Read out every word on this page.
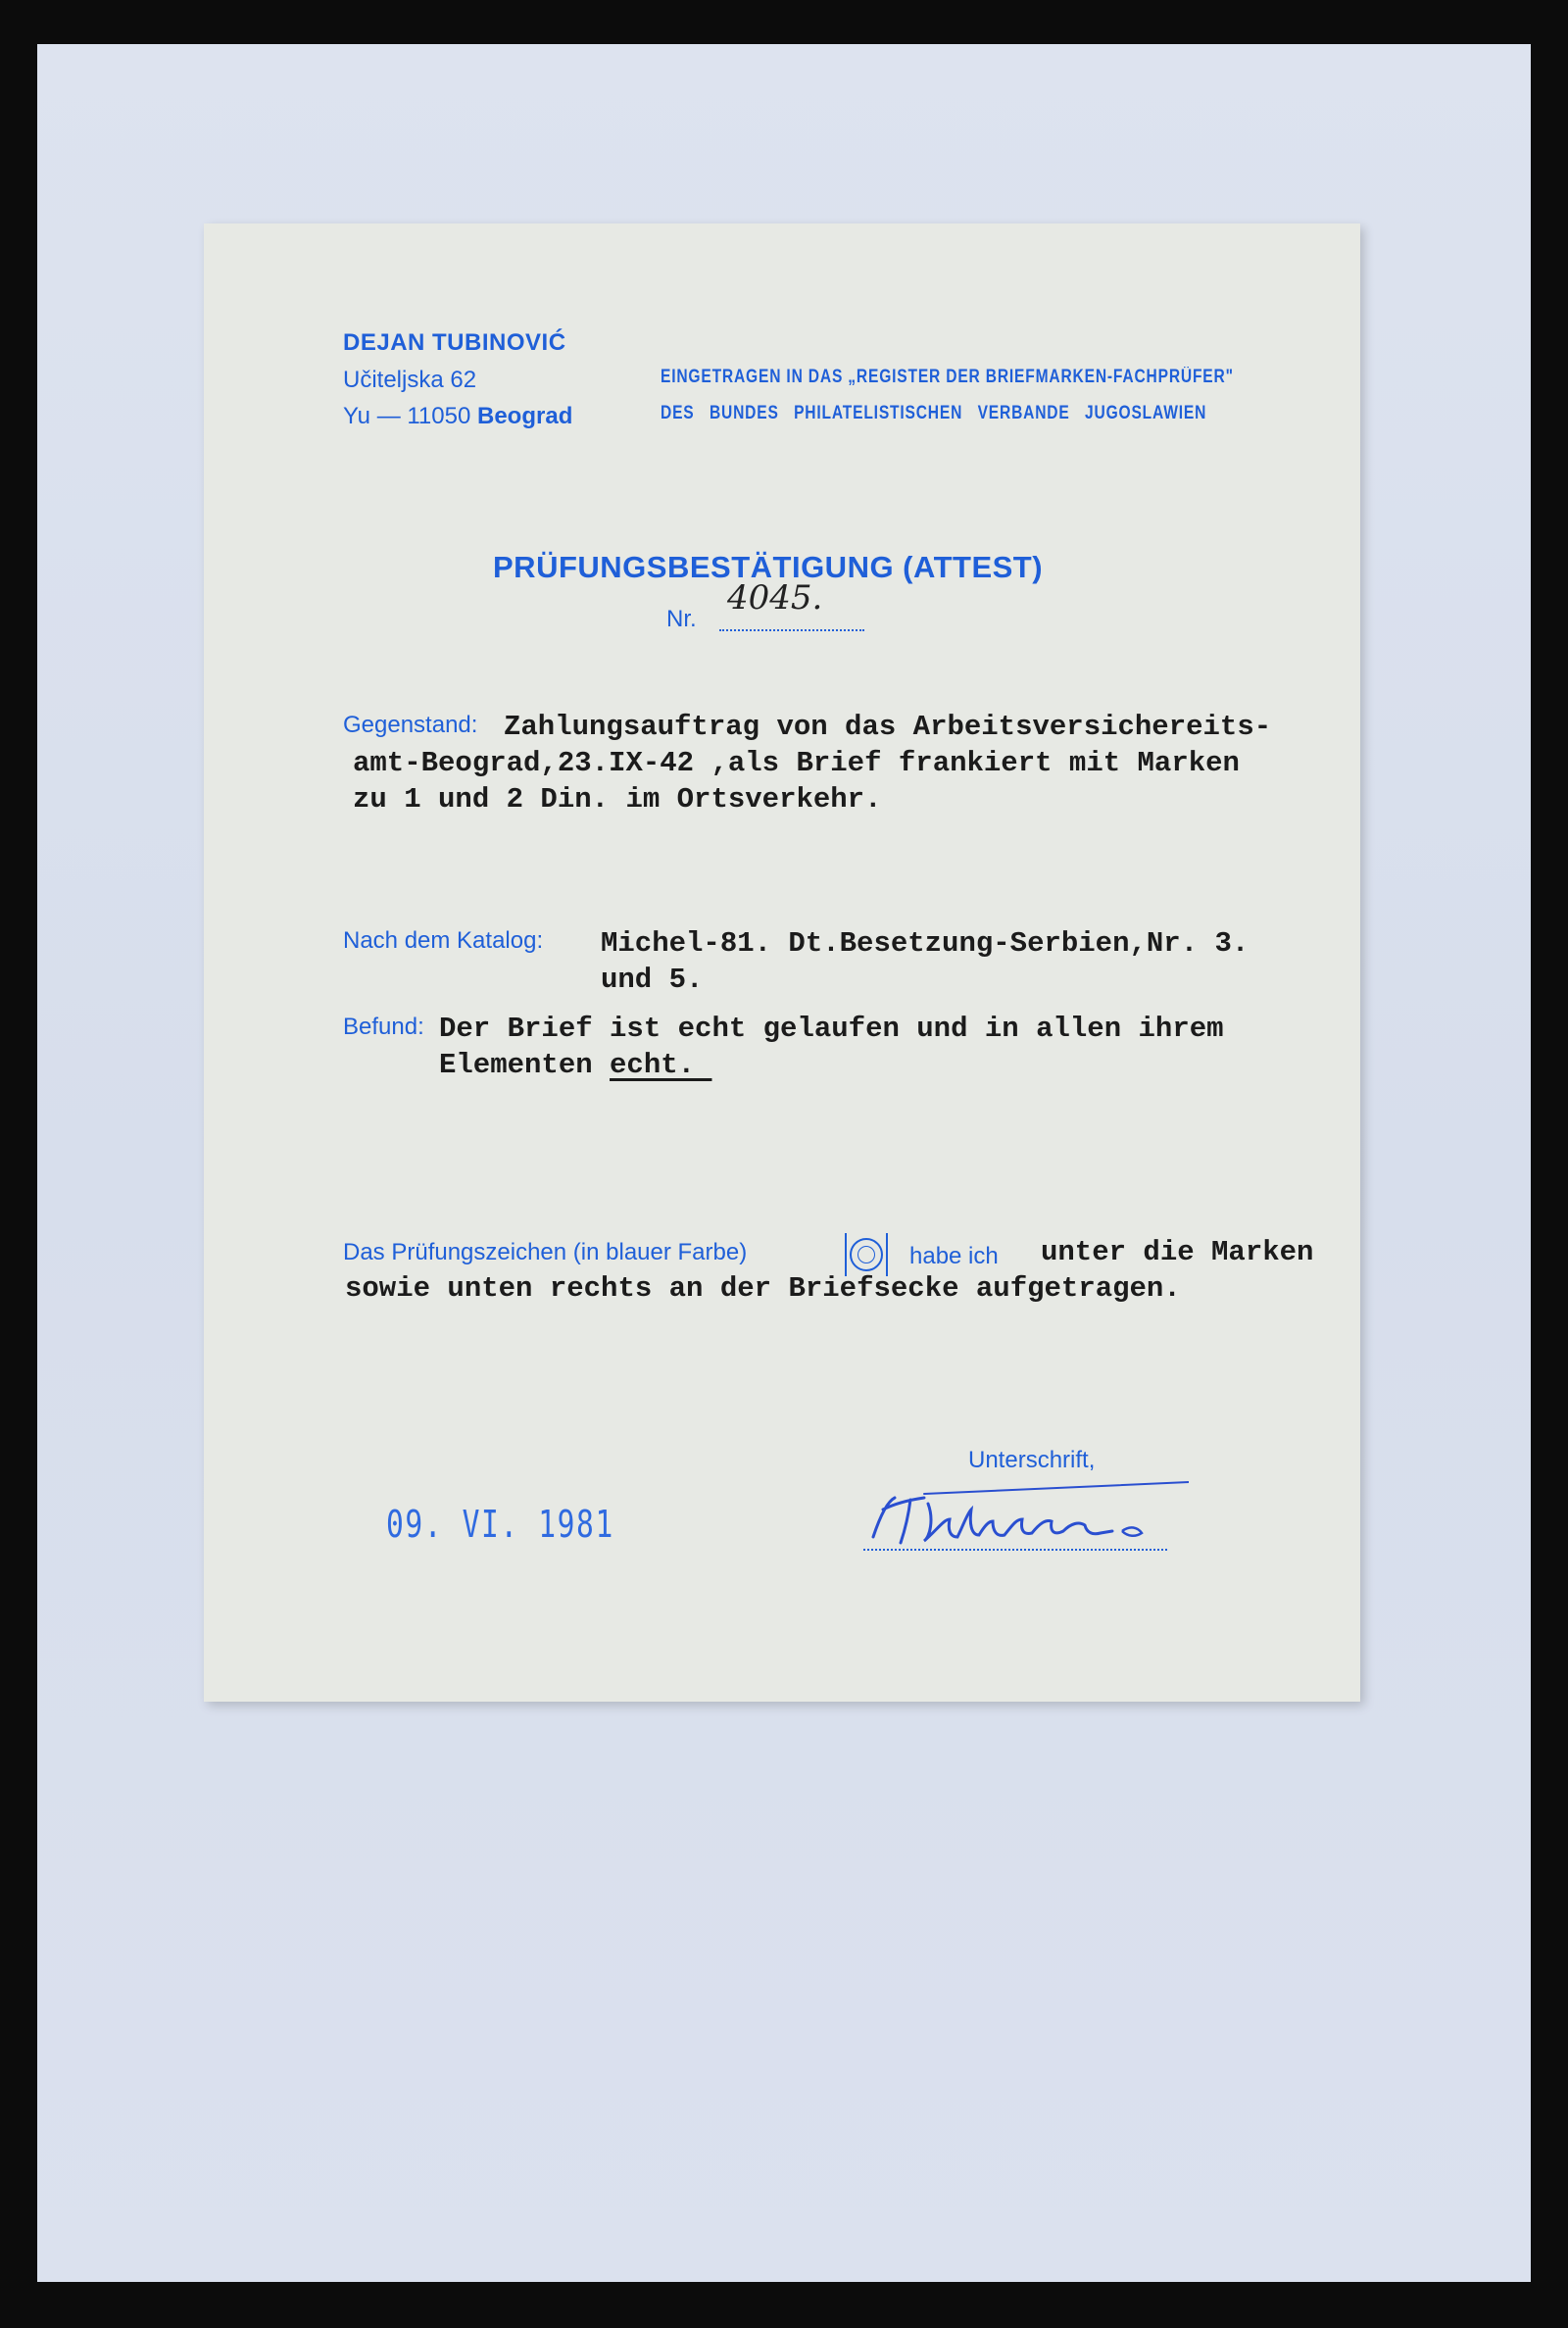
DEJAN TUBINOVIĆ
Učiteljska 62
Yu — 11050 Beograd
EINGETRAGEN IN DAS „REGISTER DER BRIEFMARKEN-FACHPRÜFER"
DES   BUNDES   PHILATELISTISCHEN   VERBANDE   JUGOSLAWIEN
PRÜFUNGSBESTÄTIGUNG (ATTEST)
Nr.
4045.
Gegenstand: Zahlungsauftrag von das Arbeitsversichereits-
amt-Beograd,23.IX-42 ,als Brief frankiert mit Marken
zu 1 und 2 Din. im Ortsverkehr.
Nach dem Katalog: Michel-81. Dt.Besetzung-Serbien,Nr. 3.
und 5.
Befund: Der Brief ist echt gelaufen und in allen ihrem
Elementen echt.
Das Prüfungszeichen (in blauer Farbe)	habe ich unter die Marken
sowie unten rechts an der Briefsecke aufgetragen.
Unterschrift,
09. VI. 1981
